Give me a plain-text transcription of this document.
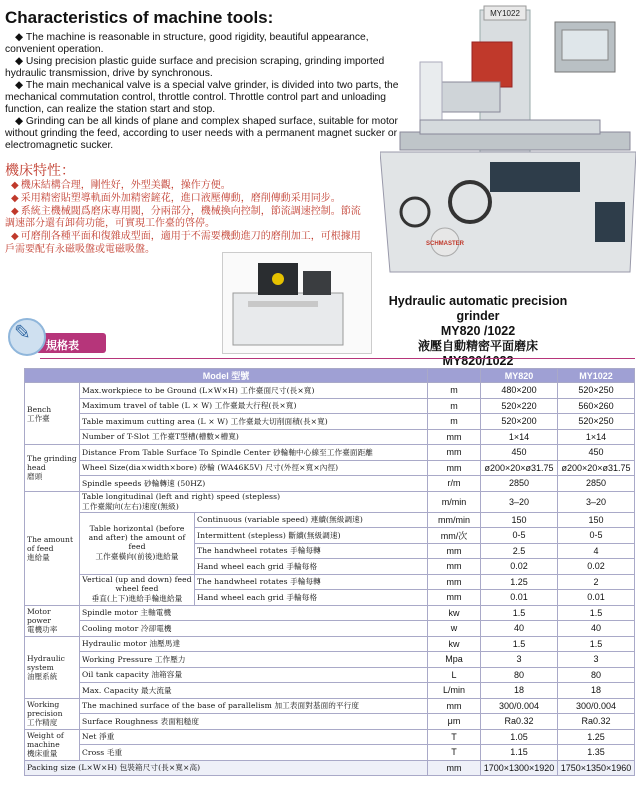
Characteristics of machine tools:

◆ The machine is reasonable in structure, good rigidity, beautiful appearance, convenient operation.

◆ Using precision plastic guide surface and precision scraping, grinding imported hydraulic transmission, drive by synchronous.

◆ The main mechanical valve is a special valve grinder, is divided into two parts, the mechanical commutation control, throttle control. Throttle control part and unloading function, can realize the station start and stop.

◆ Grinding can be all kinds of plane and complex shaped surface, suitable for motor without grinding the feed, according to user needs with a permanent magnet sucker or electromagnetic sucker.

機床特性：
◆ 機床結構合理，剛性好，外型美觀，操作方便。
◆ 采用精密貼塑導軌面外加精密鏟花，進口液壓傳動，磨削傳動采用同步。
◆ 系統主機械閥爲磨床專用閥，分兩部分，機械換向控制，節流調速控制。節流調速部分還有卸荷功能，可實現工作臺的啓停。
◆ 可磨削各種平面和復雜成型面，適用于不需要機動進刀的磨削加工，可根據用戶需要配有永磁吸盤或電磁吸盤。
MY1022
SCHMASTER
Hydraulic automatic precision grinder
MY820 /1022
液壓自動精密平面磨床
MY820/1022
✎
規格表
Model 型號				MY820	MY1022
Bench
工作臺	Max.workpiece to be Ground (L×W×H) 工作臺面尺寸(長×寬)		m	480×200	520×250
	Maximum travel of table (L × W) 工作臺最大行程(長×寬)		m	520×220	560×260
	Table maximum cutting area (L × W) 工作臺最大切削面積(長×寬)		m	520×200	520×250
	Number of T-Slot 工作臺T型槽(槽數×槽寬)		mm	1×14	1×14
The grinding head
磨頭	Distance From Table Surface To Spindle Center 砂輪軸中心線至工作臺面距離		mm	450	450
	Wheel Size(dia×width×bore) 砂輪 (WA46K5V) 尺寸(外徑×寬×內徑)		mm	ø200×20×ø31.75	ø200×20×ø31.75
	Spindle speeds 砂輪轉速 (50HZ)		r/m	2850	2850
The amount of feed
進給量	Table longitudinal (left and right) speed (stepless)
工作臺縱向(左右)速度(無級)		m/min	3–20	3–20
	Table horizontal (before and after) the amount of feed
工作臺橫向(前後)進給量	Continuous (variable speed) 連續(無級調速)	mm/min	150	150
		Intermittent (stepless) 斷續(無級調速)	mm/次	0-5	0-5
		The handwheel rotates 手輪每轉	mm	2.5	4
		Hand wheel each grid 手輪每格	mm	0.02	0.02
	Vertical (up and down) feed wheel feed
垂直(上下)進給手輪進給量	The handwheel rotates 手輪每轉	mm	1.25	2
		Hand wheel each grid 手輪每格	mm	0.01	0.01
Motor power
電機功率	Spindle motor 主軸電機		kw	1.5	1.5
	Cooling motor 冷卻電機		w	40	40
Hydraulic system
油壓系統	Hydraulic motor 油壓馬達		kw	1.5	1.5
	Working Pressure 工作壓力		Mpa	3	3
	Oil tank capacity 油箱容量		L	80	80
	Max. Capacity 最大流量		L/min	18	18
Working precision
工作精度	The machined surface of the base of parallelism 加工表面對基面的平行度		mm	300/0.004	300/0.004
	Surface Roughness 表面粗糙度		μm	Ra0.32	Ra0.32
Weight of machine
機床重量	Net 淨重		T	1.05	1.25
	Cross 毛重		T	1.15	1.35
Packing size (L×W×H) 包裝箱尺寸(長×寬×高)			mm	1700×1300×1920	1750×1350×1960
